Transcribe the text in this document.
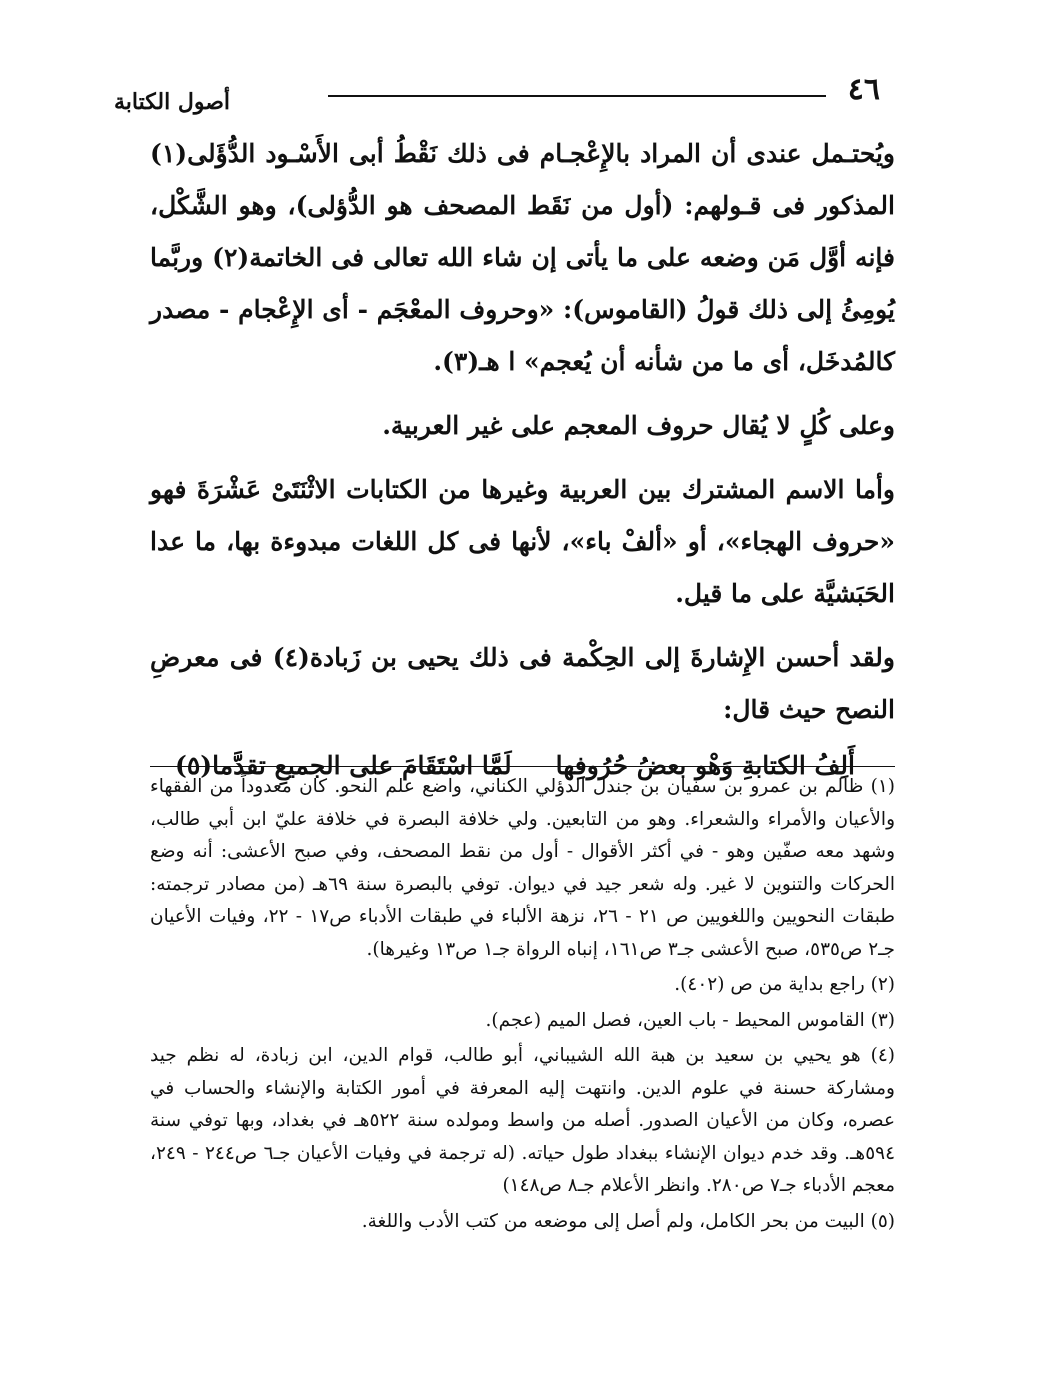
٤٦
أصول الكتابة

ويُحتـمل عندى أن المراد بالإِعْجـام فى ذلك نَقْطُ أبى الأَسْـود الدُّؤَلى(١) المذكور فى قـولهم: (أول من نَقَط المصحف هو الدُّؤلى)، وهو الشَّكْل، فإنه أوَّل مَن وضعه على ما يأتى إن شاء الله تعالى فى الخاتمة(٢) وربَّما يُومِئُ إلى ذلك قولُ (القاموس): «وحروف المعْجَم - أى الإِعْجام - مصدر كالمُدخَل، أى ما من شأنه أن يُعجم» ا هـ(٣).

وعلى كُلٍ لا يُقال حروف المعجم على غير العربية.

وأما الاسم المشترك بين العربية وغيرها من الكتابات الاثْنَتَىْ عَشْرَةَ فهو «حروف الهجاء»، أو «ألفْ باء»، لأنها فى كل اللغات مبدوءة بها، ما عدا الحَبَشيَّة على ما قيل.

ولقد أحسن الإِشارةَ إلى الحِكْمة فى ذلك يحيى بن زَبادة(٤) فى معرضِ النصح حيث قال:

أَلِفُ الكتابةِ وَهْو بعضُ حُرُوفِها
لَمَّا اسْتَقَامَ على الجميعِ تقدَّما(٥)

(١) ظالم بن عمرو بن سفيان بن جندل الدؤلي الكناني، واضع علم النحو. كان معدوداً من الفقهاء والأعيان والأمراء والشعراء. وهو من التابعين. ولي خلافة البصرة في خلافة عليّ ابن أبي طالب، وشهد معه صفّين وهو - في أكثر الأقوال - أول من نقط المصحف، وفي صبح الأعشى: أنه وضع الحركات والتنوين لا غير. وله شعر جيد في ديوان. توفي بالبصرة سنة ٦٩هـ (من مصادر ترجمته: طبقات النحويين واللغويين ص ٢١ - ٢٦، نزهة الألباء في طبقات الأدباء ص١٧ - ٢٢، وفيات الأعيان جـ٢ ص٥٣٥، صبح الأعشى جـ٣ ص١٦١، إنباه الرواة جـ١ ص١٣ وغيرها).

(٢) راجع بداية من ص (٤٠٢).

(٣) القاموس المحيط - باب العين، فصل الميم (عجم).

(٤) هو يحيي بن سعيد بن هبة الله الشيباني، أبو طالب، قوام الدين، ابن زبادة، له نظم جيد ومشاركة حسنة في علوم الدين. وانتهت إليه المعرفة في أمور الكتابة والإنشاء والحساب في عصره، وكان من الأعيان الصدور. أصله من واسط ومولده سنة ٥٢٢هـ في بغداد، وبها توفي سنة ٥٩٤هـ. وقد خدم ديوان الإنشاء ببغداد طول حياته. (له ترجمة في وفيات الأعيان جـ٦ ص٢٤٤ - ٢٤٩، معجم الأدباء جـ٧ ص٢٨٠. وانظر الأعلام جـ٨ ص١٤٨)

(٥) البيت من بحر الكامل، ولم أصل إلى موضعه من كتب الأدب واللغة.
